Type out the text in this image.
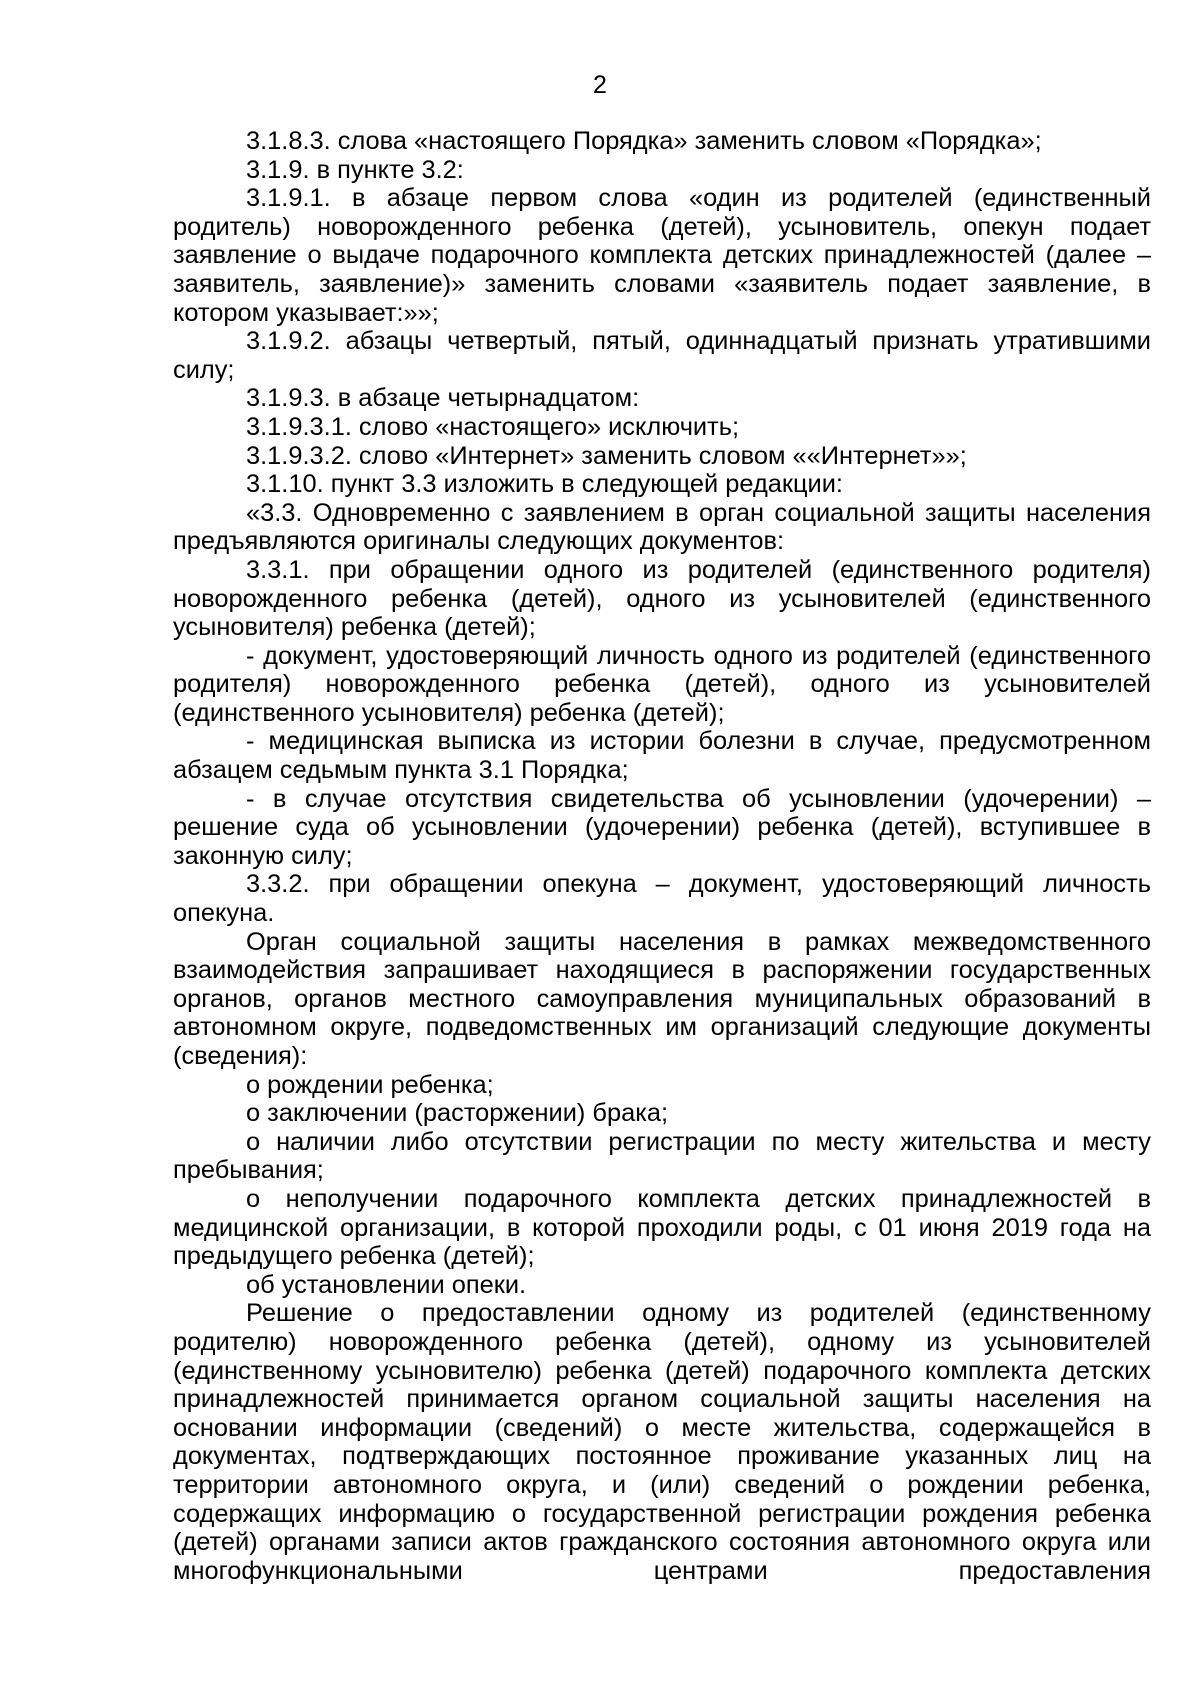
2

3.1.8.3. слова «настоящего Порядка» заменить словом «Порядка»;

3.1.9. в пункте 3.2:

3.1.9.1. в абзаце первом слова «один из родителей (единственный родитель) новорожденного ребенка (детей), усыновитель, опекун подает заявление о выдаче подарочного комплекта детских принадлежностей (далее – заявитель, заявление)» заменить словами «заявитель подает заявление, в котором указывает:»»;

3.1.9.2. абзацы четвертый, пятый, одиннадцатый признать утратившими силу;

3.1.9.3. в абзаце четырнадцатом:

3.1.9.3.1. слово «настоящего» исключить;

3.1.9.3.2. слово «Интернет» заменить словом ««Интернет»»;

3.1.10. пункт 3.3 изложить в следующей редакции:

«3.3. Одновременно с заявлением в орган социальной защиты населения предъявляются оригиналы следующих документов:

3.3.1. при обращении одного из родителей (единственного родителя) новорожденного ребенка (детей), одного из усыновителей (единственного усыновителя) ребенка (детей);

- документ, удостоверяющий личность одного из родителей (единственного родителя) новорожденного ребенка (детей), одного из усыновителей (единственного усыновителя) ребенка (детей);

- медицинская выписка из истории болезни в случае, предусмотренном абзацем седьмым пункта 3.1 Порядка;

- в случае отсутствия свидетельства об усыновлении (удочерении) – решение суда об усыновлении (удочерении) ребенка (детей), вступившее в законную силу;

3.3.2. при обращении опекуна – документ, удостоверяющий личность опекуна.

Орган социальной защиты населения в рамках межведомственного взаимодействия запрашивает находящиеся в распоряжении государственных органов, органов местного самоуправления муниципальных образований в автономном округе, подведомственных им организаций следующие документы (сведения):

о рождении ребенка;

о заключении (расторжении) брака;

о наличии либо отсутствии регистрации по месту жительства и месту пребывания;

о неполучении подарочного комплекта детских принадлежностей в медицинской организации, в которой проходили роды, с 01 июня 2019 года на предыдущего ребенка (детей);

об установлении опеки.

Решение о предоставлении одному из родителей (единственному родителю) новорожденного ребенка (детей), одному из усыновителей (единственному усыновителю) ребенка (детей) подарочного комплекта детских принадлежностей принимается органом социальной защиты населения на основании информации (сведений) о месте жительства, содержащейся в документах, подтверждающих постоянное проживание указанных лиц на территории автономного округа, и (или) сведений о рождении ребенка, содержащих информацию о государственной регистрации рождения ребенка (детей) органами записи актов гражданского состояния автономного округа или многофункциональными центрами предоставления
